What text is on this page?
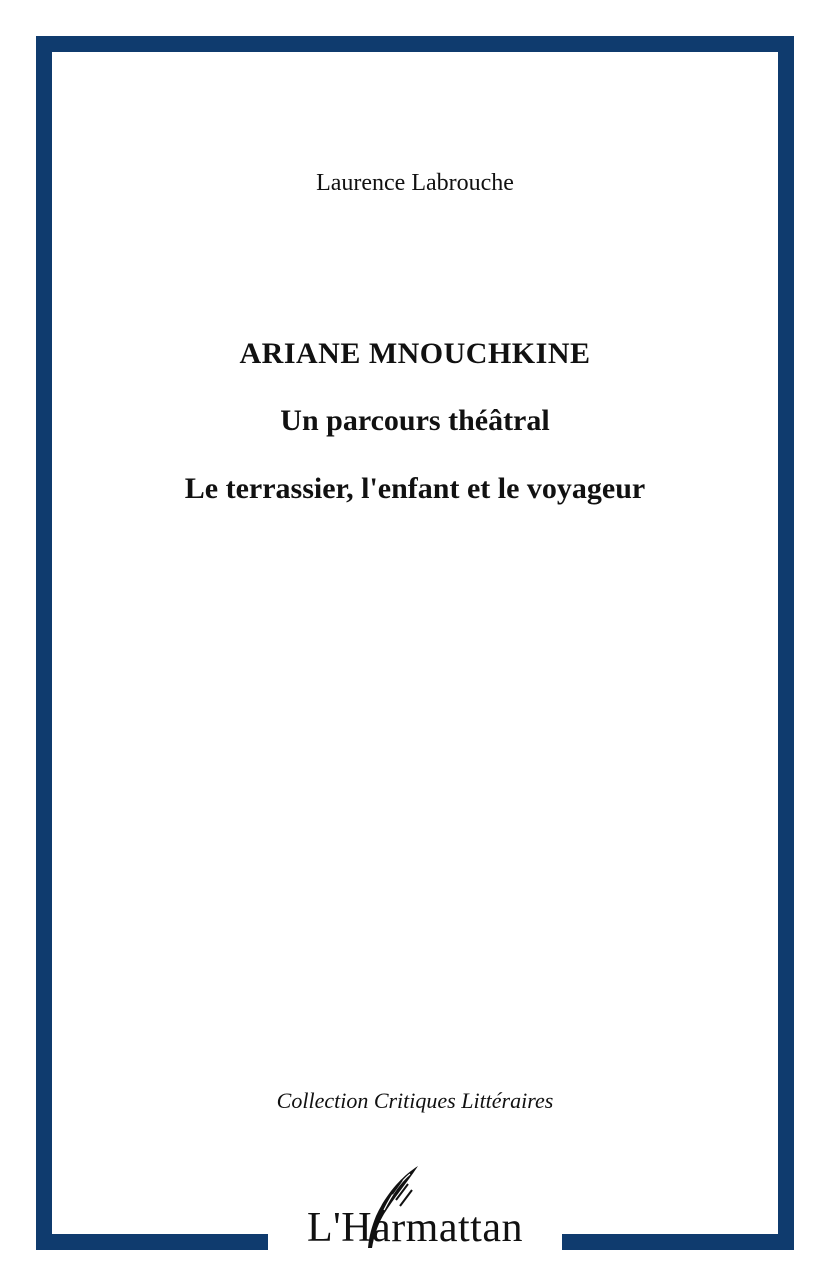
Laurence Labrouche
ARIANE MNOUCHKINE
Un parcours théâtral
Le terrassier, l'enfant et le voyageur
Collection Critiques Littéraires
L'Harmattan
